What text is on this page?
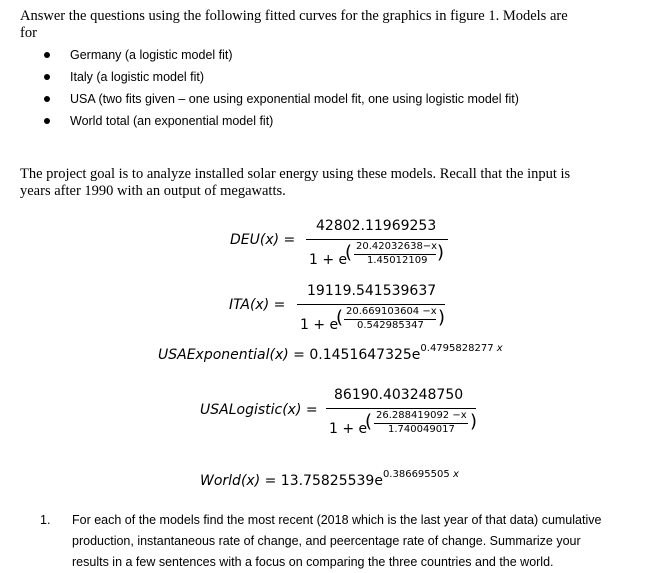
Answer the questions using the following fitted curves for the graphics in figure 1. Models are
for
Germany (a logistic model fit)
Italy (a logistic model fit)
USA (two fits given – one using exponential model fit, one using logistic model fit)
World total (an exponential model fit)
The project goal is to analyze installed solar energy using these models. Recall that the input is
years after 1990 with an output of megawatts.
DEU(x) =
42802.11969253
1 + e
( 20.42032638−x
1.45012109 )
ITA(x) =
19119.541539637
1 + e
( 20.669103604 −x
0.542985347 )
USAExponential(x) = $0.1451647325e^{0.4795828277 x}$
USALogistic(x) =
86190.403248750
1 + e
( 26.288419092 −x
1.740049017 )
World(x) = $13.75825539e^{0.386695505 x}$
1. For each of the models find the most recent (2018 which is the last year of that data) cumulative
production, instantaneous rate of change, and peercentage rate of change. Summarize your
results in a few sentences with a focus on comparing the three countries and the world.
